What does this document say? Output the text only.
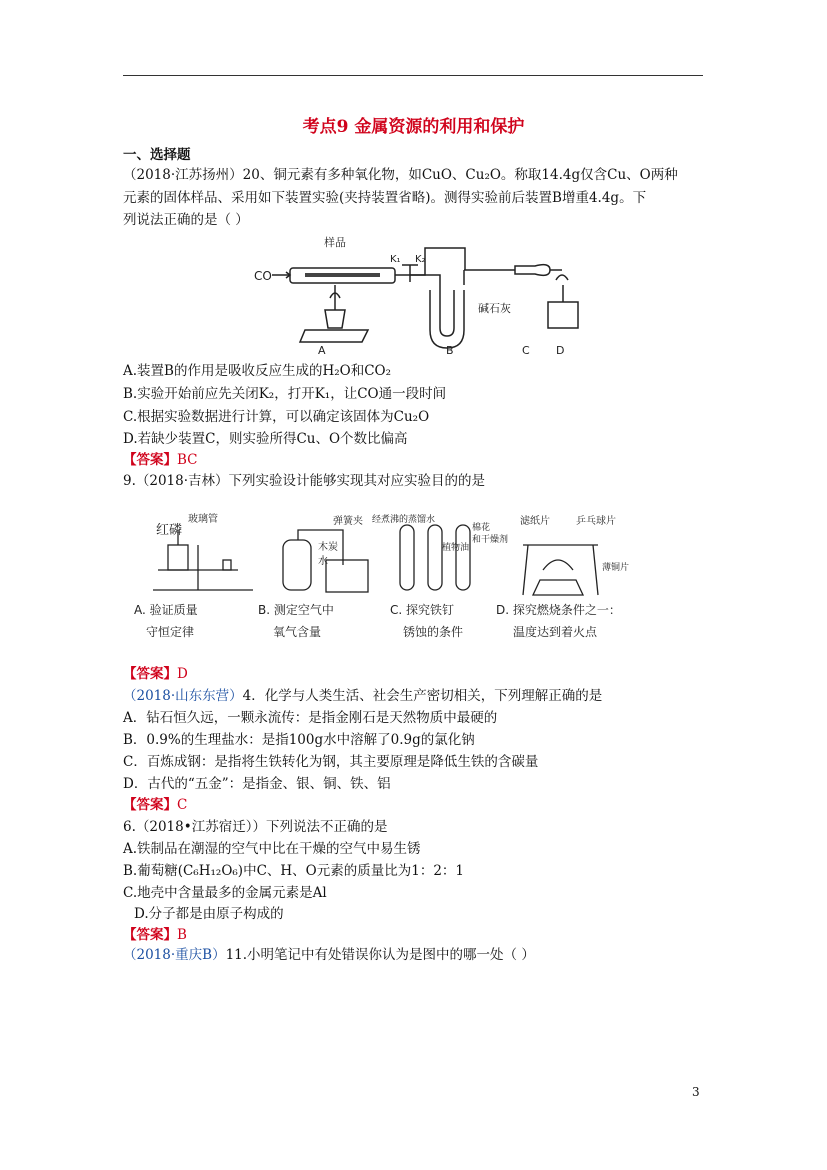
考点9 金属资源的利用和保护
一、选择题
（2018·江苏扬州）20、铜元素有多种氧化物，如CuO、Cu₂O。称取14.4g仅含Cu、O两种
元素的固体样品、采用如下装置实验(夹持装置省略)。测得实验前后装置B增重4.4g。下
列说法正确的是（ ）
CO
样品
K₁ K₂
碱石灰
A	B	C D
A.装置B的作用是吸收反应生成的H₂O和CO₂
B.实验开始前应先关闭K₂，打开K₁，让CO通一段时间
C.根据实验数据进行计算，可以确定该固体为Cu₂O
D.若缺少装置C，则实验所得Cu、O个数比偏高
【答案】BC
9.（2018·吉林）下列实验设计能够实现其对应实验目的的是
红磷
玻璃管	弹簧夹
木炭
水
经煮沸的蒸馏水
植物油
棉花
和干燥剂
滤纸片	乒乓球片
薄铜片
A. 验证质量
守恒定律
B. 测定空气中
氧气含量
C. 探究铁钉
锈蚀的条件
D. 探究燃烧条件之一：
温度达到着火点
【答案】D
（2018·山东东营）4．化学与人类生活、社会生产密切相关，下列理解正确的是
A．钻石恒久远，一颗永流传：是指金刚石是天然物质中最硬的
B．0.9%的生理盐水：是指100g水中溶解了0.9g的氯化钠
C．百炼成钢：是指将生铁转化为钢，其主要原理是降低生铁的含碳量
D．古代的“五金”：是指金、银、铜、铁、铝
【答案】C
6.（2018•江苏宿迁））下列说法不正确的是
A.铁制品在潮湿的空气中比在干燥的空气中易生锈
B.葡萄糖(C₆H₁₂O₆)中C、H、O元素的质量比为1：2：1
C.地壳中含量最多的金属元素是Al
D.分子都是由原子构成的
【答案】B
（2018·重庆B）11.小明笔记中有处错误你认为是图中的哪一处（ ）
3
